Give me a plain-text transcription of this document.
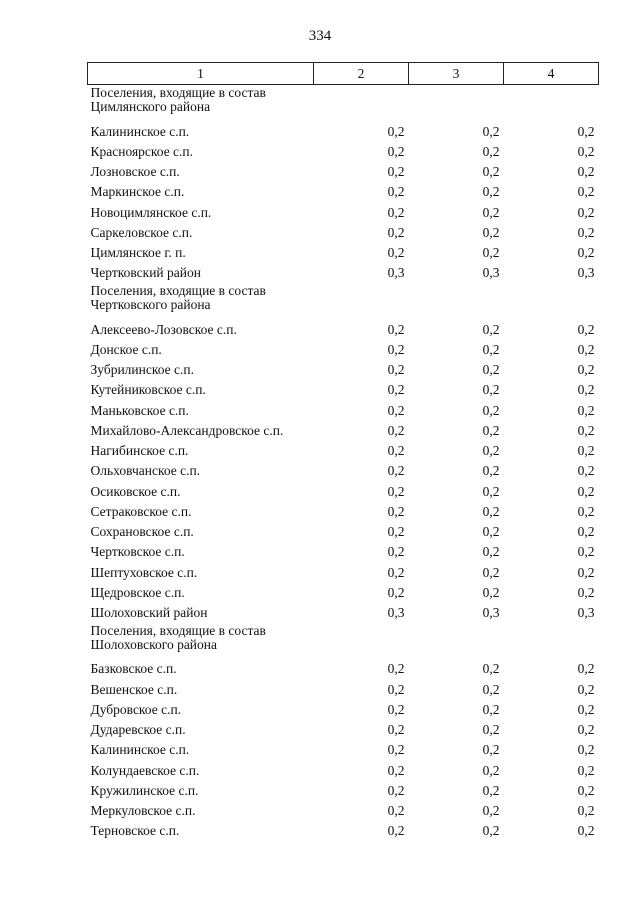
334
1	2	3	4
Поселения, входящие в состав Цимлянского района			
Калининское с.п.	0,2	0,2	0,2
Красноярское с.п.	0,2	0,2	0,2
Лозновское с.п.	0,2	0,2	0,2
Маркинское с.п.	0,2	0,2	0,2
Новоцимлянское с.п.	0,2	0,2	0,2
Саркеловское с.п.	0,2	0,2	0,2
Цимлянское г. п.	0,2	0,2	0,2
Чертковский район	0,3	0,3	0,3
Поселения, входящие в состав Чертковского района			
Алексеево-Лозовское с.п.	0,2	0,2	0,2
Донское с.п.	0,2	0,2	0,2
Зубрилинское с.п.	0,2	0,2	0,2
Кутейниковское с.п.	0,2	0,2	0,2
Маньковское с.п.	0,2	0,2	0,2
Михайлово-Александровское с.п.	0,2	0,2	0,2
Нагибинское с.п.	0,2	0,2	0,2
Ольховчанское с.п.	0,2	0,2	0,2
Осиковское с.п.	0,2	0,2	0,2
Сетраковское с.п.	0,2	0,2	0,2
Сохрановское с.п.	0,2	0,2	0,2
Чертковское с.п.	0,2	0,2	0,2
Шептуховское с.п.	0,2	0,2	0,2
Щедровское с.п.	0,2	0,2	0,2
Шолоховский район	0,3	0,3	0,3
Поселения, входящие в состав Шолоховского района			
Базковское с.п.	0,2	0,2	0,2
Вешенское с.п.	0,2	0,2	0,2
Дубровское с.п.	0,2	0,2	0,2
Дударевское с.п.	0,2	0,2	0,2
Калининское с.п.	0,2	0,2	0,2
Колундаевское с.п.	0,2	0,2	0,2
Кружилинское с.п.	0,2	0,2	0,2
Меркуловское с.п.	0,2	0,2	0,2
Терновское с.п.	0,2	0,2	0,2
